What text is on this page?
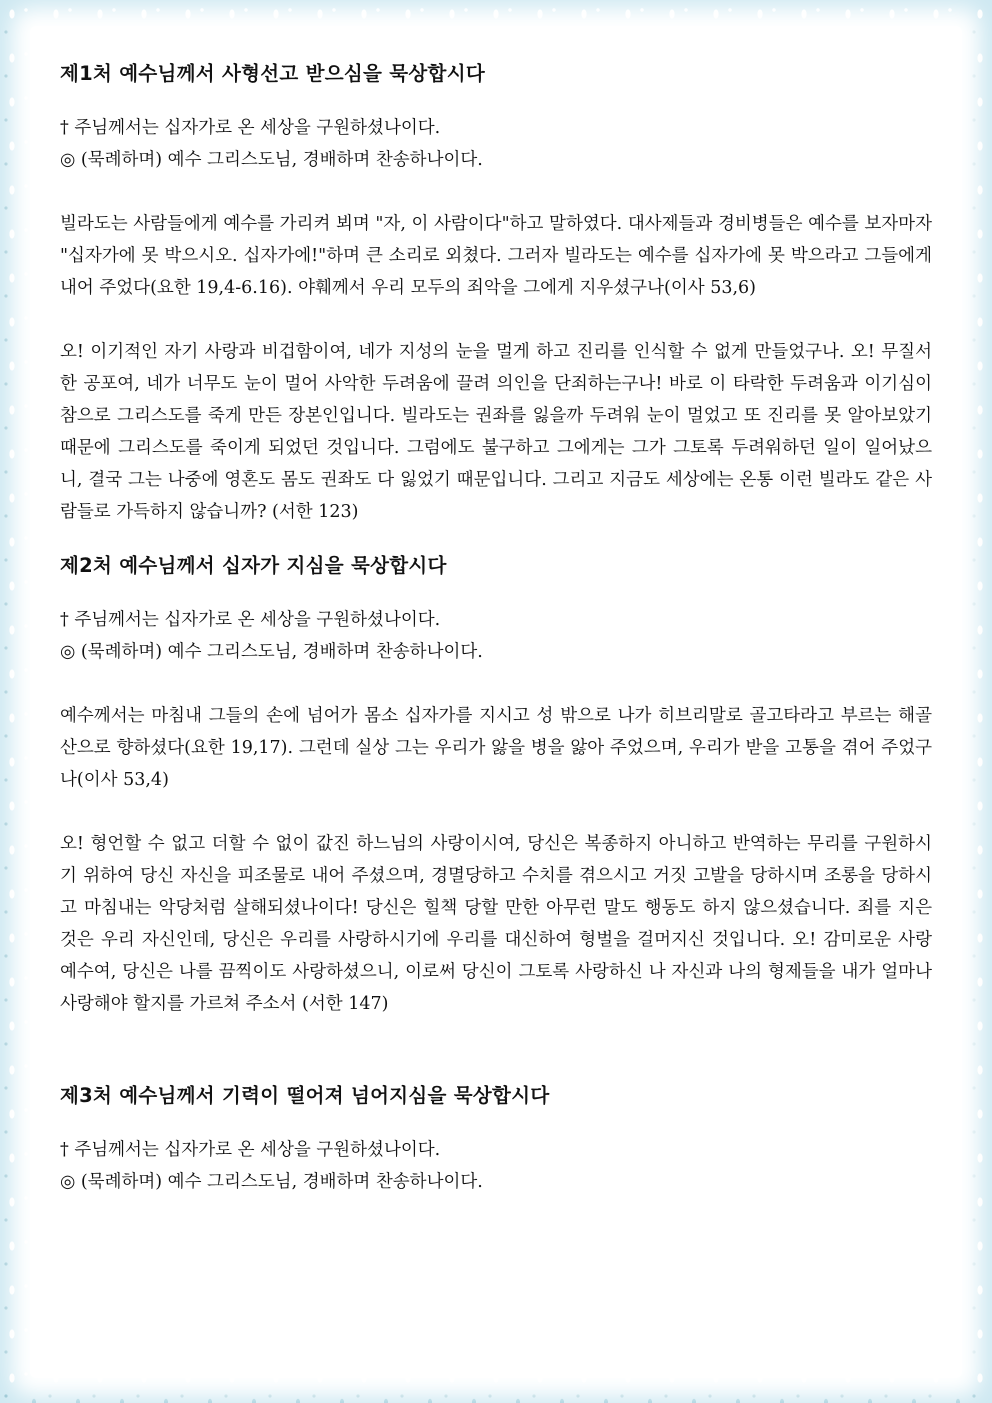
제1처 예수님께서 사형선고 받으심을 묵상합시다

† 주님께서는 십자가로 온 세상을 구원하셨나이다.

◎ (묵례하며) 예수 그리스도님, 경배하며 찬송하나이다.

빌라도는 사람들에게 예수를 가리켜 뵈며 "자, 이 사람이다"하고 말하였다. 대사제들과 경비병들은 예수를 보자마자 "십자가에 못 박으시오. 십자가에!"하며 큰 소리로 외쳤다. 그러자 빌라도는 예수를 십자가에 못 박으라고 그들에게 내어 주었다(요한 19,4-6.16). 야훼께서 우리 모두의 죄악을 그에게 지우셨구나(이사 53,6)

오! 이기적인 자기 사랑과 비겁함이여, 네가 지성의 눈을 멀게 하고 진리를 인식할 수 없게 만들었구나. 오! 무질서한 공포여, 네가 너무도 눈이 멀어 사악한 두려움에 끌려 의인을 단죄하는구나! 바로 이 타락한 두려움과 이기심이 참으로 그리스도를 죽게 만든 장본인입니다. 빌라도는 권좌를 잃을까 두려워 눈이 멀었고 또 진리를 못 알아보았기 때문에 그리스도를 죽이게 되었던 것입니다. 그럼에도 불구하고 그에게는 그가 그토록 두려워하던 일이 일어났으니, 결국 그는 나중에 영혼도 몸도 권좌도 다 잃었기 때문입니다. 그리고 지금도 세상에는 온통 이런 빌라도 같은 사람들로 가득하지 않습니까? (서한 123)

제2처 예수님께서 십자가 지심을 묵상합시다

† 주님께서는 십자가로 온 세상을 구원하셨나이다.

◎ (묵례하며) 예수 그리스도님, 경배하며 찬송하나이다.

예수께서는 마침내 그들의 손에 넘어가 몸소 십자가를 지시고 성 밖으로 나가 히브리말로 골고타라고 부르는 해골산으로 향하셨다(요한 19,17). 그런데 실상 그는 우리가 앓을 병을 앓아 주었으며, 우리가 받을 고통을 겪어 주었구나(이사 53,4)

오! 형언할 수 없고 더할 수 없이 값진 하느님의 사랑이시여, 당신은 복종하지 아니하고 반역하는 무리를 구원하시기 위하여 당신 자신을 피조물로 내어 주셨으며, 경멸당하고 수치를 겪으시고 거짓 고발을 당하시며 조롱을 당하시고 마침내는 악당처럼 살해되셨나이다! 당신은 힐책 당할 만한 아무런 말도 행동도 하지 않으셨습니다. 죄를 지은 것은 우리 자신인데, 당신은 우리를 사랑하시기에 우리를 대신하여 형벌을 걸머지신 것입니다. 오! 감미로운 사랑 예수여, 당신은 나를 끔찍이도 사랑하셨으니, 이로써 당신이 그토록 사랑하신 나 자신과 나의 형제들을 내가 얼마나 사랑해야 할지를 가르쳐 주소서 (서한 147)

제3처 예수님께서 기력이 떨어져 넘어지심을 묵상합시다

† 주님께서는 십자가로 온 세상을 구원하셨나이다.

◎ (묵례하며) 예수 그리스도님, 경배하며 찬송하나이다.
